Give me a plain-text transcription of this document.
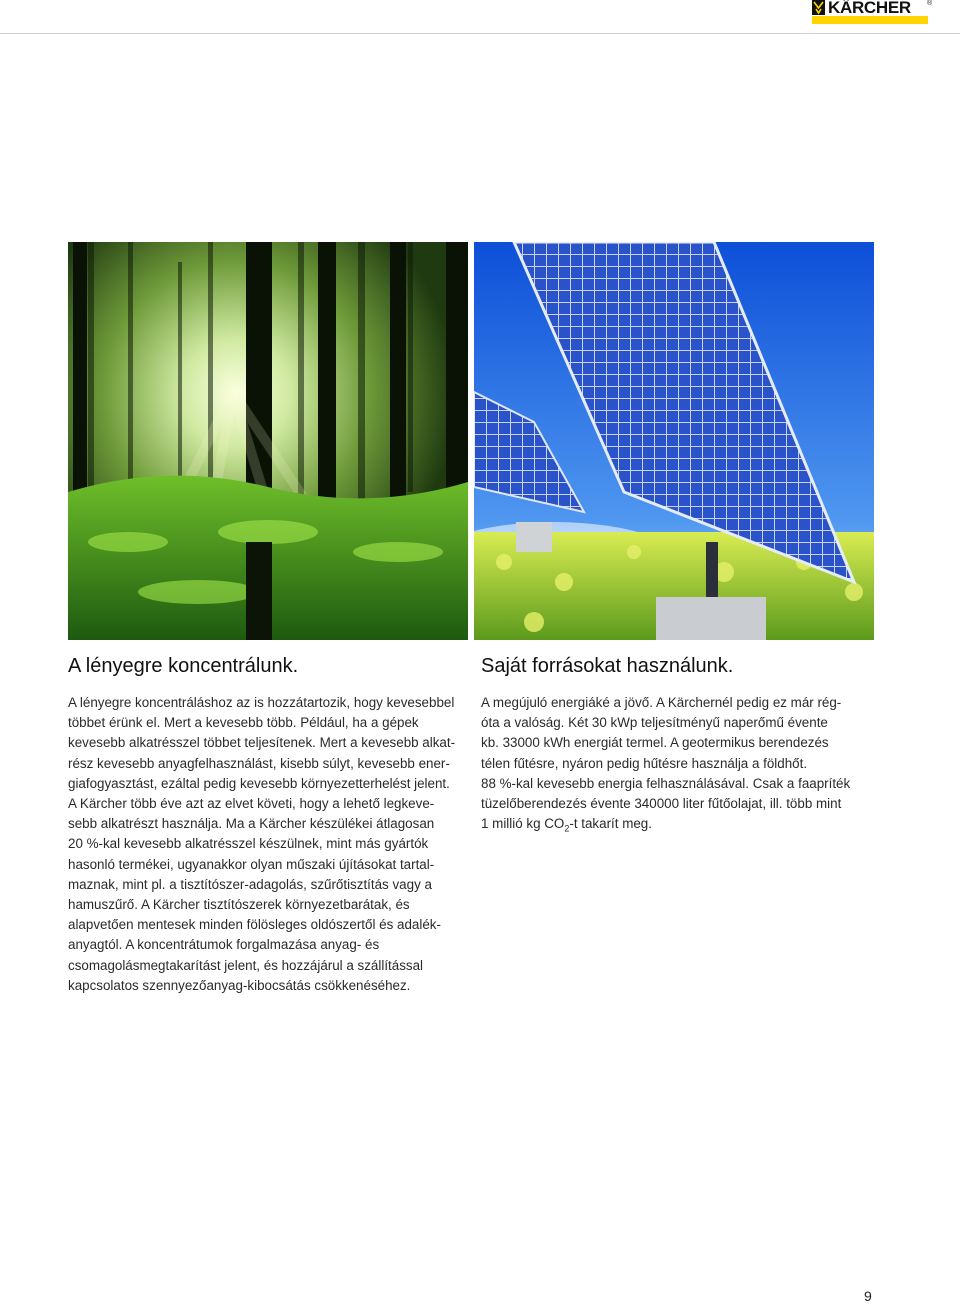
KÄRCHER ®
A lényegre koncentrálunk.

A lényegre koncentráláshoz az is hozzátartozik, hogy kevesebbel

többet érünk el. Mert a kevesebb több. Például, ha a gépek

kevesebb alkatrésszel többet teljesítenek. Mert a kevesebb alkat-

rész kevesebb anyagfelhasználást, kisebb súlyt, kevesebb ener-

giafogyasztást, ezáltal pedig kevesebb környezetterhelést jelent.

A Kärcher több éve azt az elvet követi, hogy a lehető legkeve-

sebb alkatrészt használja. Ma a Kärcher készülékei átlagosan

20 %-kal kevesebb alkatrésszel készülnek, mint más gyártók

hasonló termékei, ugyanakkor olyan műszaki újításokat tartal-

maznak, mint pl. a tisztítószer-adagolás, szűrőtisztítás vagy a

hamuszűrő. A Kärcher tisztítószerek környezetbarátak, és

alapvetően mentesek minden fölösleges oldószertől és adalék-

anyagtól. A koncentrátumok forgalmazása anyag- és

csomagolásmegtakarítást jelent, és hozzájárul a szállítással

kapcsolatos szennyezőanyag-kibocsátás csökkenéséhez.

Saját forrásokat használunk.

A megújuló energiáké a jövő. A Kärchernél pedig ez már rég-

óta a valóság. Két 30 kWp teljesítményű naperőmű évente

kb. 33000 kWh energiát termel. A geotermikus berendezés

télen fűtésre, nyáron pedig hűtésre használja a földhőt.

88 %-kal kevesebb energia felhasználásával. Csak a faapríték

tüzelőberendezés évente 340000 liter fűtőolajat, ill. több mint

1 millió kg $CO_2-t$ takarít meg.

9
